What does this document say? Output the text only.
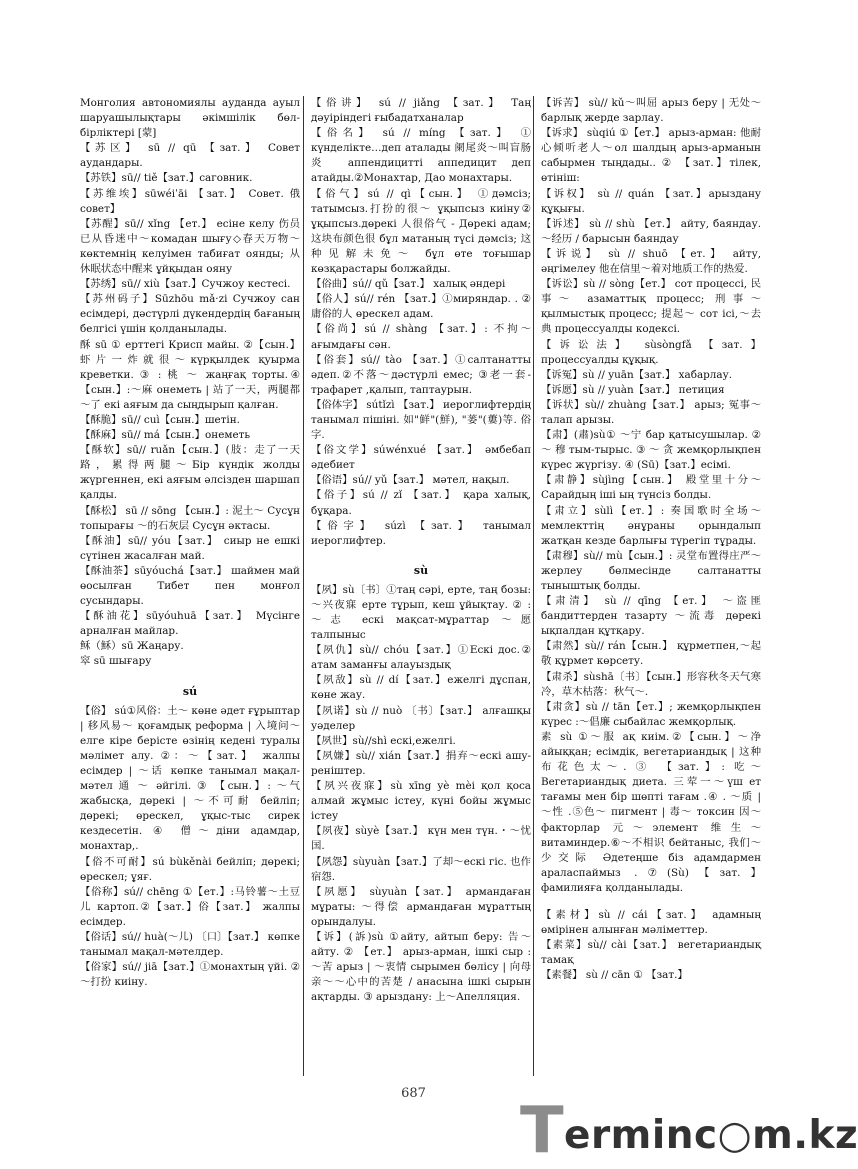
Монголия автономиялы ауданда ауыл шаруашылықтары әкімшілік бөл-бірліктері [蒙]

【苏区】 sū // qū 【зат.】 Совет аудандары.

【苏铁】sū// tiě【зат.】саговник.

【苏维埃】sūwéiˈāi 【зат.】 Совет. 俄 совет】

【苏醒】sū// xǐng 【ет.】 есіне келу 伤员已从昏迷中～комадан шығу◇春天万物～ көктемнің келуімен табиғат оянды; 从休眠状态中醒来 ұйқыдан ояну

【苏绣】sū// xiù【зат.】Сучжоу кестесі.

【苏州码子】Sūzhōu mǎ·zi Сучжоу сан есімдері, дәстүрлі дүкендердің бағаның белгісі үшін қолданылады.

酥 sū ① ерттегі Крисп майы. ②【сын.】虾片一炸就很～күрқылдек қуырма креветки. ③ : 桃 ～ жаңғақ торты.④【сын.】:～麻 онеметь | 站了一天，两腿都～了 екі аяғым да сыңдырып қалған.

【酥脆】sū// cuì【сын.】шетін.

【酥麻】sū// má【сын.】онеметь

【酥软】sū// ruǎn【сын.】(肢：走了一天路，累得两腿～Бір күндік жолды жүргеннен, екі аяғым әлсізден шаршап қалды.

【酥松】 sū // sōng 【сын.】: 泥土～ Сусұн топырағы ～的石灰层 Сусұн әктасы.

【酥油】sū// yóu【зат.】 сиыр не ешкі сүтінен жасалған май.

【酥油茶】sūyóuchá【зат.】 шаймен май өосылған Тибет пен монғол сусындары.

【酥油花】sūyóuhuā【зат.】 Мүсінге арналған майлар.

稣（穌）sū Жаңару.

窣 sū шығару

sú

【俗】 sú①风俗：土～ көне әдет ғұрыптар | 移风易～ қоғамдық реформа | 入境问～ елге кіре берісте өзінің кедені туралы мәлімет алу. ②：～【зат.】 жалпы есімдер | ～话 көпке танымал мақал-мәтел 通 ～ әйгілі. ③ 【сын.】: ～气 жабысқа, дөрекі | ～不可耐 бейліп; дөрекі; өрескел, ұқыс-тыс сирек кездесетін. ④ 僧～діни адамдар, монахтар,.

【俗不可耐】sú bùkěnài бейліп; дөрекі; өрескел; ұяғ.

【俗称】sú// chēng ①【ет.】:马铃薯～土豆儿 картоп.②【зат.】俗【зат.】 жалпы есімдер.

【俗话】sú// huà(～儿) 〔口〕【зат.】 көпке танымал мақал-мәтелдер.

【俗家】sú// jiā【зат.】①монахтың үйі. ②～打扮 киіну.

【俗讲】 sú // jiǎng 【зат.】 Таң дәуіріндегі ғыбадатханалар

【俗名】 sú // míng 【зат.】 ① күнделікте…деп аталады 阑尾炎～叫盲肠炎 аппендицитті аппедицит деп атайды.②Монахтар, Дао монахтары.

【俗气】sú // qì【сын.】 ①дәмсіз; татымсыз.打扮的很～ ұқыпсыз киіну② ұқыпсыз.дөрекі 人很俗气 - Дөрекі адам; 这块布颜色很 бұл матаның түсі дәмсіз; 这种见解未免～ бұл өте тоғышар көзқарастары болжайды.

【俗曲】sú// qǔ【зат.】 халық әндері

【俗人】sú// rén 【зат.】①миряндар. . ②庸俗的人 өрескел адам.

【俗尚】sú // shàng 【зат.】: 不拘～ ағымдағы сән.

【俗套】sú// tào 【зат.】①салтанатты әдеп.②不落～дәстүрлі емес; ③老一套-трафарет ,қалып, таптаурын.

【俗体字】 sútǐzì 【зат.】 иероглифтердің танымал пішіні. 如"鲜"(鮮), "蒌"(蔞)等. 俗字.

【俗文学】súwénxué 【зат.】 әмбебап әдебиет

【俗语】sú// yǔ【зат.】 мәтел, нақыл.

【俗子】sú // zǐ 【зат.】 қара халық, бұқара.

【俗字】 súzì 【зат.】 танымал иероглифтер.

sù

【夙】sù〔书〕①таң сәрі, ерте, таң бозы: ～兴夜寐 ерте тұрып, кеш ұйықтау. ② : ～志 ескі мақсат-мұраттар ～愿 талпыныс

【夙仇】sù// chóu【зат.】①Ескі дос.② атам заманғы алауыздық

【夙敌】sù // dí【зат.】ежелгі дұспан, көне жау.

【夙诺】sù // nuò 〔书〕【зат.】 алғашқы уәделер

【夙世】sù//shì ескі,ежелгі.

【夙嫌】sù// xián【зат.】捐弃～ескі ашу-реніштер.

【夙兴夜寐】sù xīng yè mèi қол қоса алмай жұмыс істеу, күні бойы жұмыс істеу

【夙夜】sùyè【зат.】 күн мен түн.・～忧国.

【夙怨】sùyuàn【зат.】了却～ескі гіс. 也作宿怨.

【夙愿】 sùyuàn【зат.】 армандаған мұраты: ～得偿 армандаған мұраттың орындалуы.

【诉】(訴)sù ①айту, айтып беру: 告～ айту. ② 【ет.】 арыз-арман, ішкі сыр : ～苦 арыз | ～衷情 сырымен бөлісу | 向母亲～～心中的苦楚 / анасына ішкі сырын ақтарды. ③ арыздану: 上～Апелляция.

【诉苦】 sù// kǔ～叫屈 арыз беру | 无处～барлық жерде зарлау.

【诉求】 sùqiú ①【ет.】 арыз-арман: 他耐心倾听老人～ол шалдың арыз-арманын сабырмен тыңдады.. ② 【зат.】тілек, өтініш:

【诉权】 sù // quán 【зат.】арыздану құқығы.

【诉述】 sù // shù 【ет.】 айту, баяндау. ～经历 / барысын баяндау

【诉说】 sù // shuō 【ет.】 айту, әңгімелеу 他在信里～着对地质工作的热爱.

【诉讼】sù // sòng【ет.】 сот процессі, 民事～ азаматтық процесс; 刑事～ қылмыстық процесс; 提起～ сот ісі,～去典 процессуалды кодексі.

【诉讼法】 sùsòngfǎ 【зат.】 процессуалды құқық.

【诉冤】sù // yuān【зат.】 хабарлау.

【诉愿】sù // yuàn【зат.】 петиция

【诉状】sù// zhuàng【зат.】 арыз; 冤事～талап арызы.

【肃】(肅)sù① ～宁 бар қатысушылар. ② ～ 穆 тым-тырыс. ③ ～ 贪 жемқорлықпен күрес жүргізу. ④ (Sū)【зат.】есімі.

【肃静】sùjìng【сын.】 殿堂里十分～ Сарайдың іші ың түнсіз болды.

【肃立】sùlì【ет.】: 奏国歌时全场～мемлекттің әнұраны орындалып жатқан кезде барлығы түрегіп тұрады.

【肃穆】sù// mù【сын.】: 灵堂布置得庄严～жерлеу бөлмесінде салтанатты тыныштық болды.

【肃清】 sù // qīng 【ет.】 ～盗匪 бандиттерден тазарту ～流毒 дөрекі ықпалдан құтқару.

【肃然】sù// rán【сын.】 құрметпен,～起敬 құрмет көрсету.

【肃杀】sùshā〔书〕【сын.】形容秋冬天气寒冷，草木枯落：秋气～.

【肃贪】sù // tān【ет.】; жемқорлықпен күрес :～倡廉 сыбайлас жемқорлық.

素 sù ①～服 ақ киім.②【сын.】～净 айыққан; есімдік, вегетариандық | 这种布花色太～. ③ 【зат.】: 吃～ Вегетариандық диета. 三荤一～үш ет тағамы мен бір шөпті тағам .④ . ～质 | ～性 .⑤色～ пигмент | 毒～ токсин 因～факторлар 元～элемент 维生～витаминдер.⑥～不相识 бейтаныс, 我们～少交际 Әдетеңше біз адамдармен араласпаймыз .⑦(Sù)【зат.】фамилияға қолданылады.

【素材】sù // cái【зат.】 адамның өмірінен алынған мәліметтер.

【素菜】sù// cài【зат.】 вегетариандық тамақ

【素餐】 sù // cān ① 【зат.】

687
T erminc○m.kz
